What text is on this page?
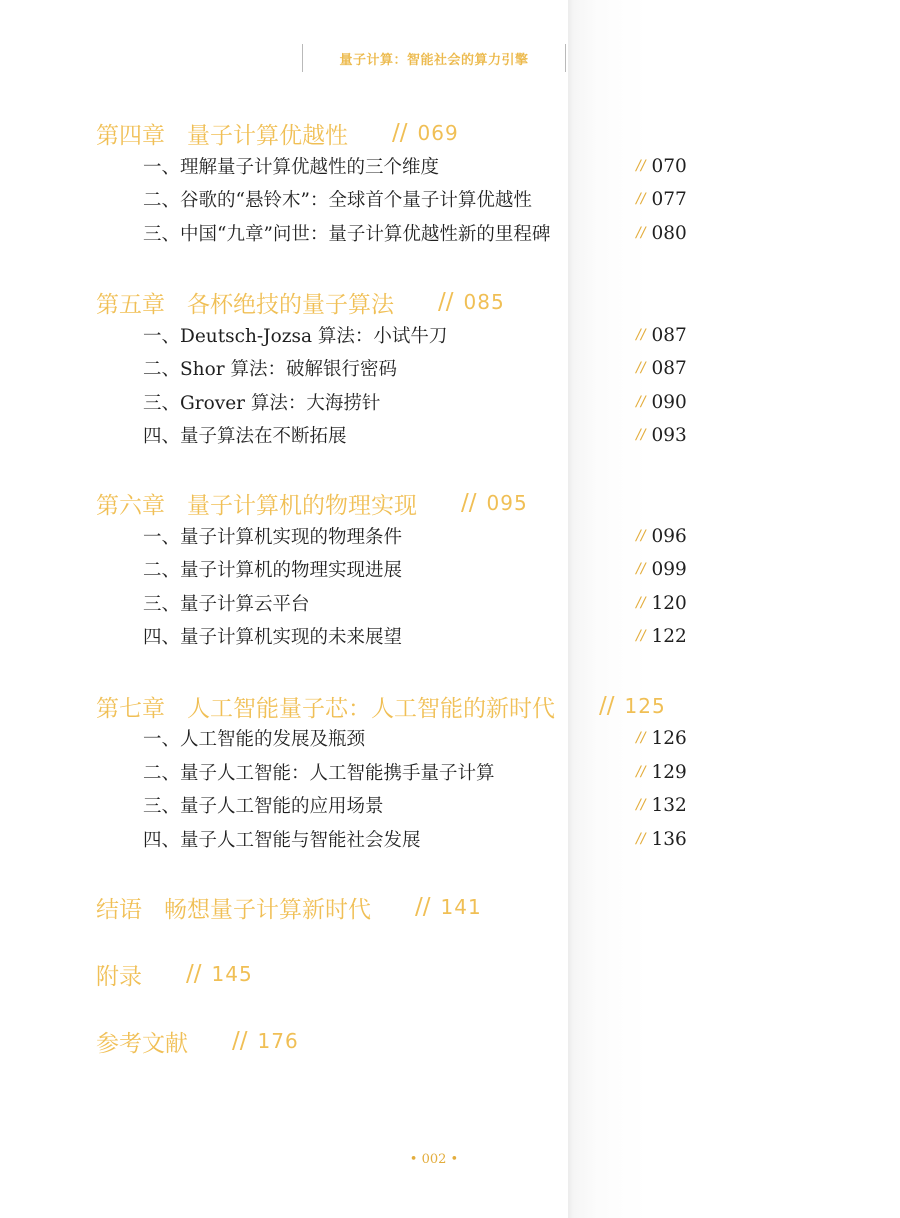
量子计算：智能社会的算力引擎
第四章 量子计算优越性 // 069
一、理解量子计算优越性的三个维度	// 070
二、谷歌的“悬铃木”：全球首个量子计算优越性	// 077
三、中国“九章”问世：量子计算优越性新的里程碑	// 080
第五章 各杯绝技的量子算法 // 085
一、Deutsch-Jozsa 算法：小试牛刀	// 087
二、Shor 算法：破解银行密码	// 087
三、Grover 算法：大海捞针	// 090
四、量子算法在不断拓展	// 093
第六章 量子计算机的物理实现 // 095
一、量子计算机实现的物理条件	// 096
二、量子计算机的物理实现进展	// 099
三、量子计算云平台	// 120
四、量子计算机实现的未来展望	// 122
第七章 人工智能量子芯：人工智能的新时代 // 125
一、人工智能的发展及瓶颈	// 126
二、量子人工智能：人工智能携手量子计算	// 129
三、量子人工智能的应用场景	// 132
四、量子人工智能与智能社会发展	// 136
结语 畅想量子计算新时代 // 141
附录 // 145
参考文献 // 176
• 002 •
